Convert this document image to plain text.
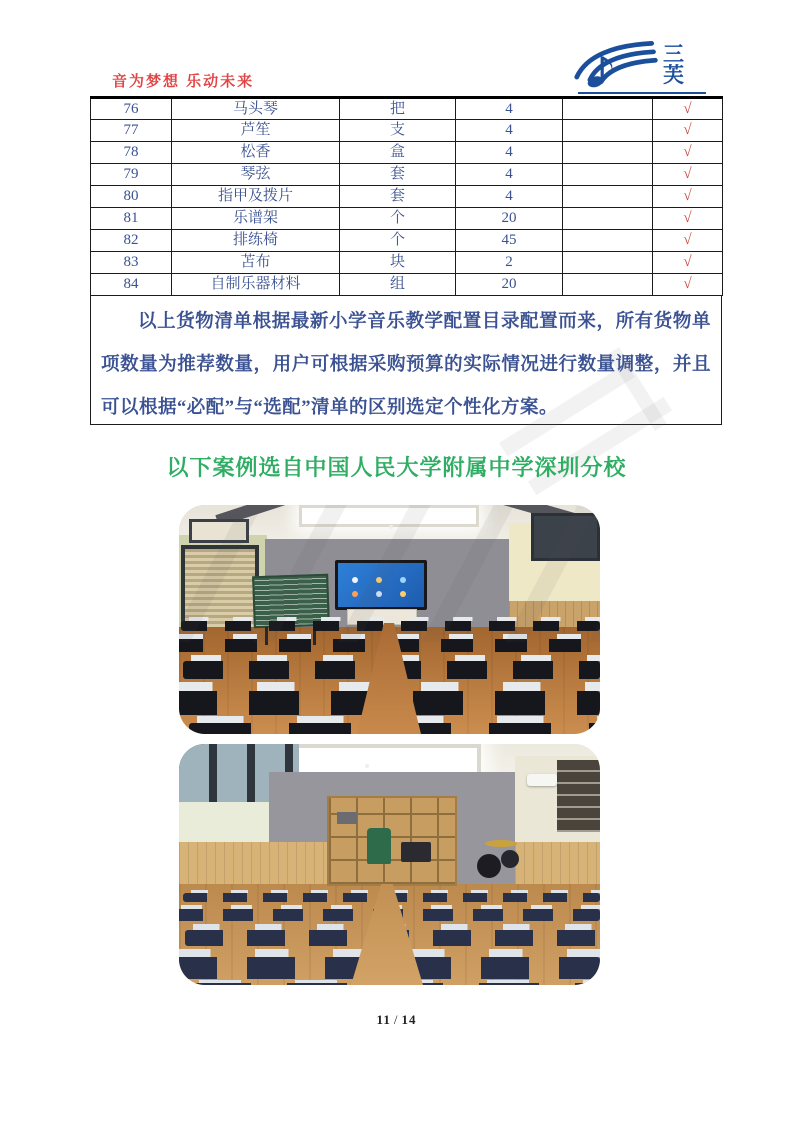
音为梦想 乐动未来
三芙
76	马头琴	把	4		√
77	芦笙	支	4		√
78	松香	盒	4		√
79	琴弦	套	4		√
80	指甲及拨片	套	4		√
81	乐谱架	个	20		√
82	排练椅	个	45		√
83	苫布	块	2		√
84	自制乐器材料	组	20		√
以上货物清单根据最新小学音乐教学配置目录配置而来，所有货物单项数量为推荐数量，用户可根据采购预算的实际情况进行数量调整，并且可以根据“必配”与“选配”清单的区别选定个性化方案。
以下案例选自中国人民大学附属中学深圳分校
11 / 14
